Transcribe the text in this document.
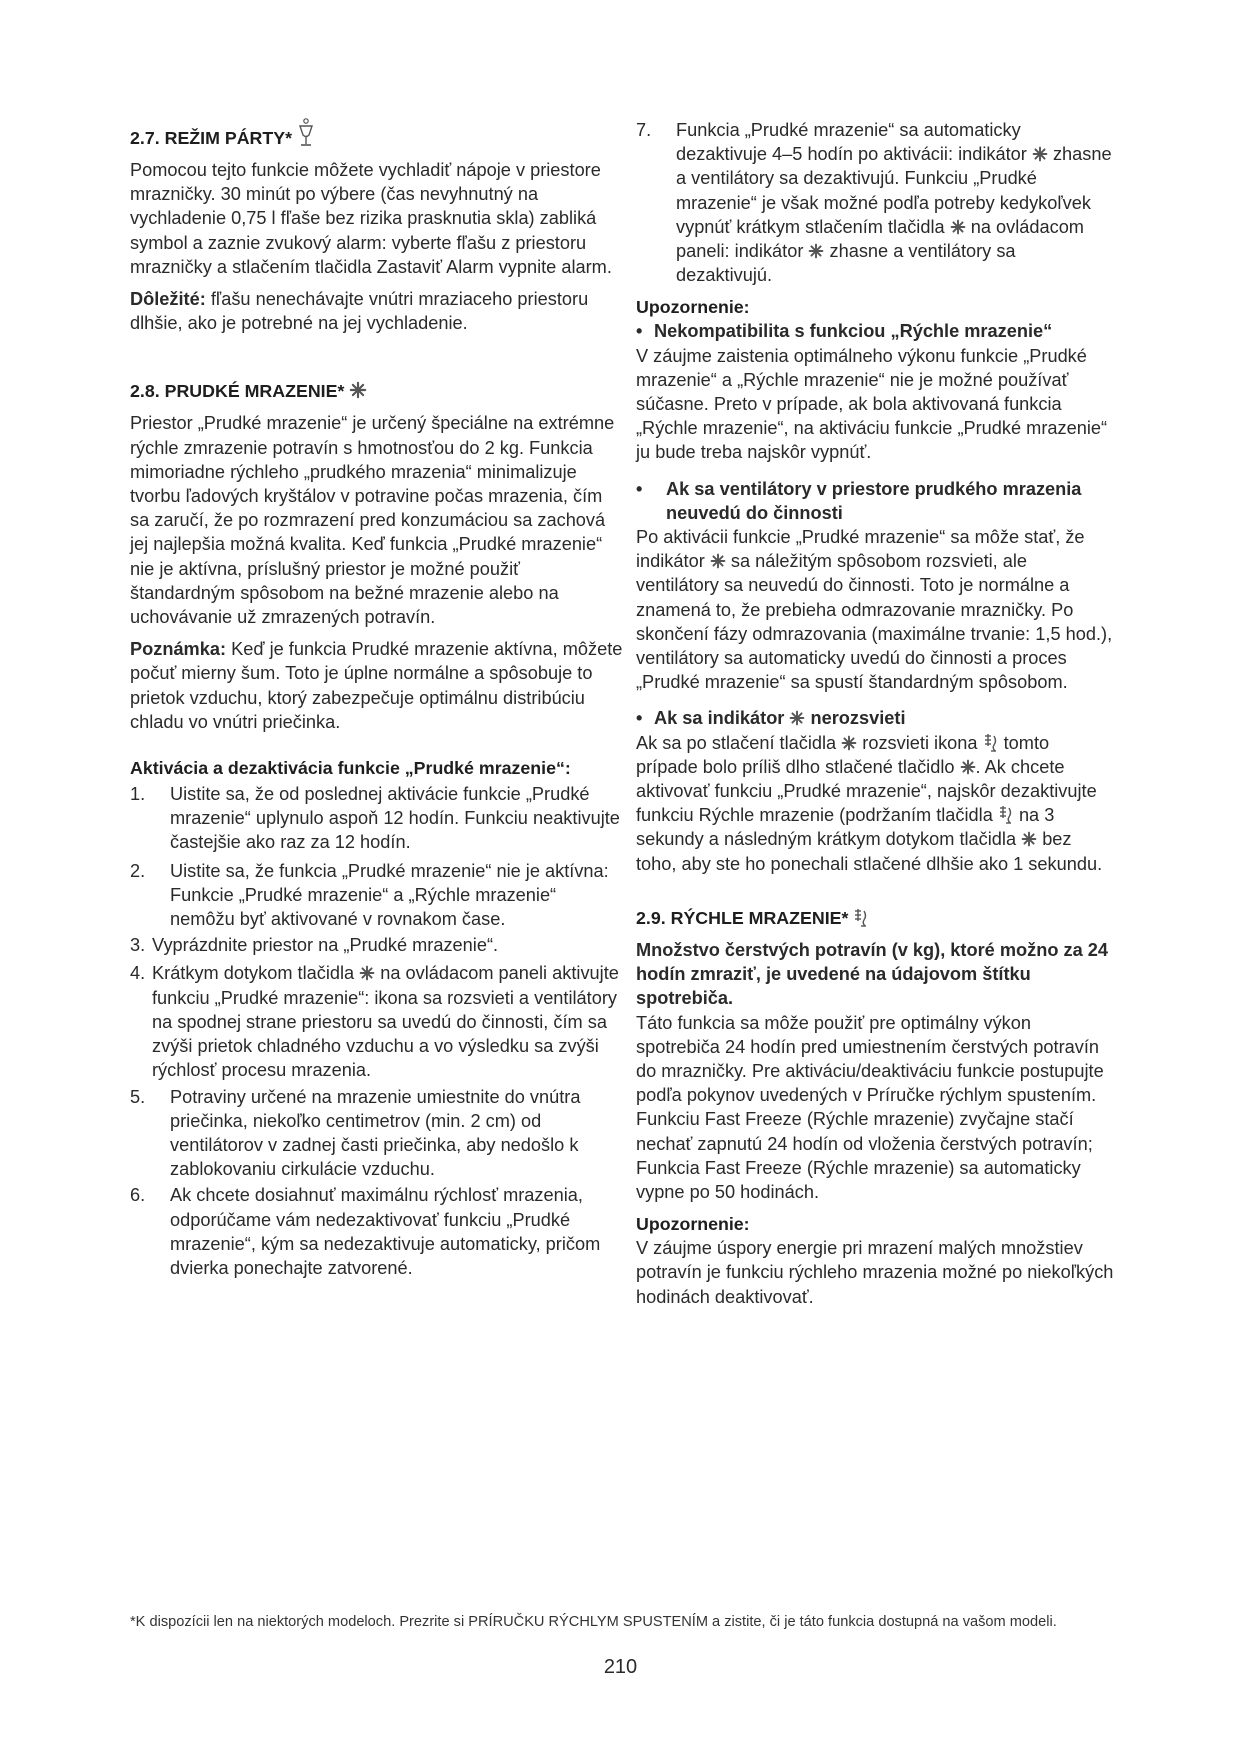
2.7. REŽIM PÁRTY*

Pomocou tejto funkcie môžete vychladiť nápoje v priestore mrazničky. 30 minút po výbere (čas nevyhnutný na vychladenie 0,75 l fľaše bez rizika prasknutia skla) zabliká symbol a zaznie zvukový alarm: vyberte fľašu z priestoru mrazničky a stlačením tlačidla Zastaviť Alarm vypnite alarm.

Dôležité: fľašu nenechávajte vnútri mraziaceho priestoru dlhšie, ako je potrebné na jej vychladenie.

2.8. PRUDKÉ MRAZENIE*

Priestor „Prudké mrazenie“ je určený špeciálne na extrémne rýchle zmrazenie potravín s hmotnosťou do 2 kg. Funkcia mimoriadne rýchleho „prudkého mrazenia“ minimalizuje tvorbu ľadových kryštálov v potravine počas mrazenia, čím sa zaručí, že po rozmrazení pred konzumáciou sa zachová jej najlepšia možná kvalita. Keď funkcia „Prudké mrazenie“ nie je aktívna, príslušný priestor je možné použiť štandardným spôsobom na bežné mrazenie alebo na uchovávanie už zmrazených potravín.

Poznámka: Keď je funkcia Prudké mrazenie aktívna, môžete počuť mierny šum. Toto je úplne normálne a spôsobuje to prietok vzduchu, ktorý zabezpečuje optimálnu distribúciu chladu vo vnútri priečinka.

Aktivácia a dezaktivácia funkcie „Prudké mrazenie“:
1.	Uistite sa, že od poslednej aktivácie funkcie „Prudké mrazenie“ uplynulo aspoň 12 hodín. Funkciu neaktivujte častejšie ako raz za 12 hodín.
2.	Uistite sa, že funkcia „Prudké mrazenie“ nie je aktívna: Funkcie „Prudké mrazenie“ a „Rýchle mrazenie“ nemôžu byť aktivované v rovnakom čase.
3. Vyprázdnite priestor na „Prudké mrazenie“.
4. Krátkym dotykom tlačidla  na ovládacom paneli aktivujte funkciu „Prudké mrazenie“: ikona sa rozsvieti a ventilátory na spodnej strane priestoru sa uvedú do činnosti, čím sa zvýši prietok chladného vzduchu a vo výsledku sa zvýši rýchlosť procesu mrazenia.
5.	Potraviny určené na mrazenie umiestnite do vnútra priečinka, niekoľko centimetrov (min. 2 cm) od ventilátorov v zadnej časti priečinka, aby nedošlo k zablokovaniu cirkulácie vzduchu.
6.	Ak chcete dosiahnuť maximálnu rýchlosť mrazenia, odporúčame vám nedezaktivovať funkciu „Prudké mrazenie“, kým sa nedezaktivuje automaticky, pričom dvierka ponechajte zatvorené.
7.	Funkcia „Prudké mrazenie“ sa automaticky dezaktivuje 4–5 hodín po aktivácii: indikátor  zhasne a ventilátory sa dezaktivujú. Funkciu „Prudké mrazenie“ je však možné podľa potreby kedykoľvek vypnúť krátkym stlačením tlačidla  na ovládacom paneli: indikátor  zhasne a ventilátory sa dezaktivujú.
Upozornenie:
• Nekompatibilita s funkciou „Rýchle mrazenie“

V záujme zaistenia optimálneho výkonu funkcie „Prudké mrazenie“ a „Rýchle mrazenie“ nie je možné používať súčasne. Preto v prípade, ak bola aktivovaná funkcia „Rýchle mrazenie“, na aktiváciu funkcie „Prudké mrazenie“ ju bude treba najskôr vypnúť.

•	Ak sa ventilátory v priestore prudkého mrazenia neuvedú do činnosti

Po aktivácii funkcie „Prudké mrazenie“ sa môže stať, že indikátor  sa náležitým spôsobom rozsvieti, ale ventilátory sa neuvedú do činnosti. Toto je normálne a znamená to, že prebieha odmrazovanie mrazničky. Po skončení fázy odmrazovania (maximálne trvanie: 1,5 hod.), ventilátory sa automaticky uvedú do činnosti a proces „Prudké mrazenie“ sa spustí štandardným spôsobom.

• Ak sa indikátor  nerozsvieti

Ak sa po stlačení tlačidla  rozsvieti ikona  tomto prípade bolo príliš dlho stlačené tlačidlo . Ak chcete aktivovať funkciu „Prudké mrazenie“, najskôr dezaktivujte funkciu Rýchle mrazenie (podržaním tlačidla  na 3 sekundy a následným krátkym dotykom tlačidla  bez toho, aby ste ho ponechali stlačené dlhšie ako 1 sekundu.

2.9. RÝCHLE MRAZENIE*

Množstvo čerstvých potravín (v kg), ktoré možno za 24 hodín zmraziť, je uvedené na údajovom štítku spotrebiča.

Táto funkcia sa môže použiť pre optimálny výkon spotrebiča 24 hodín pred umiestnením čerstvých potravín do mrazničky. Pre aktiváciu/deaktiváciu funkcie postupujte podľa pokynov uvedených v Príručke rýchlym spustením. Funkciu Fast Freeze (Rýchle mrazenie) zvyčajne stačí nechať zapnutú 24 hodín od vloženia čerstvých potravín; Funkcia Fast Freeze (Rýchle mrazenie) sa automaticky vypne po 50 hodinách.

Upozornenie:

V záujme úspory energie pri mrazení malých množstiev potravín je funkciu rýchleho mrazenia možné po niekoľkých hodinách deaktivovať.

*K dispozícii len na niektorých modeloch. Prezrite si PRÍRUČKU RÝCHLYM SPUSTENÍM a zistite, či je táto funkcia dostupná na vašom modeli.
210
